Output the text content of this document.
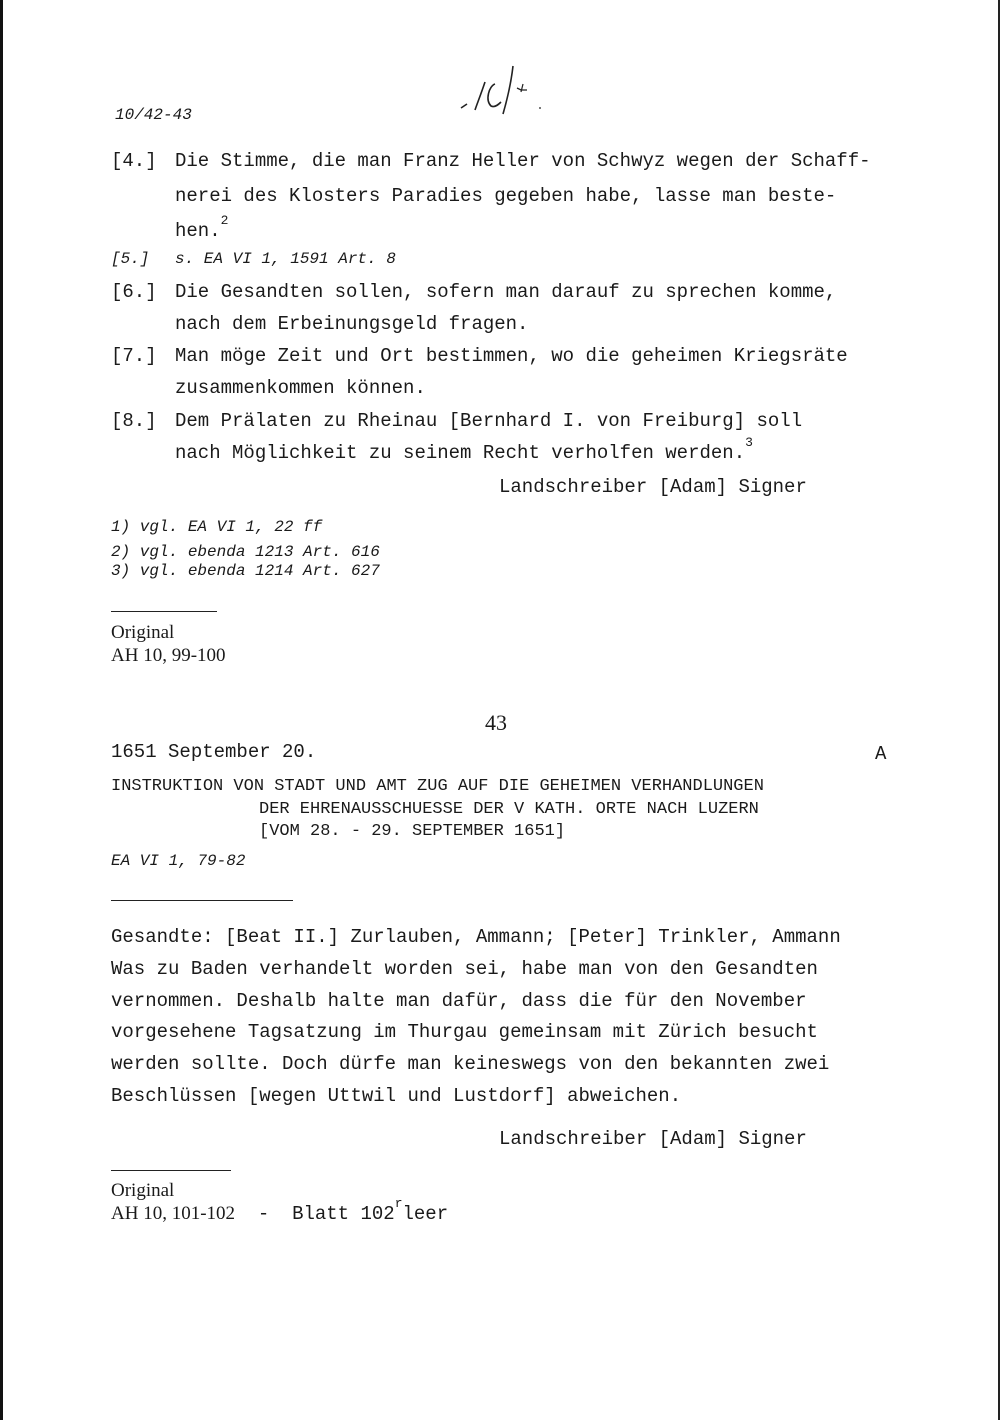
10/42-43
[4.] Die Stimme, die man Franz Heller von Schwyz wegen der Schaff-
nerei des Klosters Paradies gegeben habe, lasse man beste-
hen.$^2$
[5.] s. EA VI 1, 1591 Art. 8
[6.] Die Gesandten sollen, sofern man darauf zu sprechen komme,
nach dem Erbeinungsgeld fragen.
[7.] Man möge Zeit und Ort bestimmen, wo die geheimen Kriegsräte
zusammenkommen können.
[8.] Dem Prälaten zu Rheinau [Bernhard I. von Freiburg] soll
nach Möglichkeit zu seinem Recht verholfen werden.$^3$
Landschreiber [Adam] Signer
1) vgl. EA VI 1, 22 ff
2) vgl. ebenda 1213 Art. 616
3) vgl. ebenda 1214 Art. 627
Original
AH 10, 99-100
43
1651 September 20.	A
INSTRUKTION VON STADT UND AMT ZUG AUF DIE GEHEIMEN VERHANDLUNGEN
DER EHRENAUSSCHUESSE DER V KATH. ORTE NACH LUZERN
[VOM 28. - 29. SEPTEMBER 1651]
EA VI 1, 79-82
Gesandte: [Beat II.] Zurlauben, Ammann; [Peter] Trinkler, Ammann
Was zu Baden verhandelt worden sei, habe man von den Gesandten
vernommen. Deshalb halte man dafür, dass die für den November
vorgesehene Tagsatzung im Thurgau gemeinsam mit Zürich besucht
werden sollte. Doch dürfe man keineswegs von den bekannten zwei
Beschlüssen [wegen Uttwil und Lustdorf] abweichen.
Landschreiber [Adam] Signer
Original
AH 10, 101-102 - Blatt 102$^r$leer
